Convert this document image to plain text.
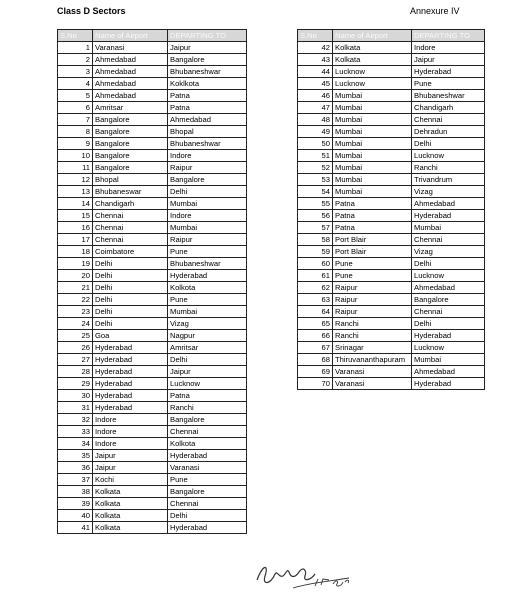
Class D Sectors	Annexure IV
S.No	Name of Airport	DEPARTING TO
1	Varanasi	Jaipur
2	Ahmedabad	Bangalore
3	Ahmedabad	Bhubaneshwar
4	Ahmedabad	Koklkota
5	Ahmedabad	Patna
6	Amritsar	Patna
7	Bangalore	Ahmedabad
8	Bangalore	Bhopal
9	Bangalore	Bhubaneshwar
10	Bangalore	Indore
11	Bangalore	Raipur
12	Bhopal	Bangalore
13	Bhubaneswar	Delhi
14	Chandigarh	Mumbai
15	Chennai	Indore
16	Chennai	Mumbai
17	Chennai	Raipur
18	Coimbatore	Pune
19	Delhi	Bhubaneshwar
20	Delhi	Hyderabad
21	Delhi	Kolkota
22	Delhi	Pune
23	Delhi	Mumbai
24	Delhi	Vizag
25	Goa	Nagpur
26	Hyderabad	Amritsar
27	Hyderabad	Delhi
28	Hyderabad	Jaipur
29	Hyderabad	Lucknow
30	Hyderabad	Patna
31	Hyderabad	Ranchi
32	Indore	Bangalore
33	Indore	Chennai
34	Indore	Kolkota
35	Jaipur	Hyderabad
36	Jaipur	Varanasi
37	Kochi	Pune
38	Kolkata	Bangalore
39	Kolkata	Chennai
40	Kolkata	Delhi
41	Kolkata	Hyderabad
S.No	Name of Airport	DEPARTING TO
42	Kolkata	Indore
43	Kolkata	Jaipur
44	Lucknow	Hyderabad
45	Lucknow	Pune
46	Mumbai	Bhubaneshwar
47	Mumbai	Chandigarh
48	Mumbai	Chennai
49	Mumbai	Dehradun
50	Mumbai	Delhi
51	Mumbai	Lucknow
52	Mumbai	Ranchi
53	Mumbai	Trivandrum
54	Mumbai	Vizag
55	Patna	Ahmedabad
56	Patna	Hyderabad
57	Patna	Mumbai
58	Port Blair	Chennai
59	Port Blair	Vizag
60	Pune	Delhi
61	Pune	Lucknow
62	Raipur	Ahmedabad
63	Raipur	Bangalore
64	Raipur	Chennai
65	Ranchi	Delhi
66	Ranchi	Hyderabad
67	Srinagar	Lucknow
68	Thiruvananthapuram	Mumbai
69	Varanasi	Ahmedabad
70	Varanasi	Hyderabad
